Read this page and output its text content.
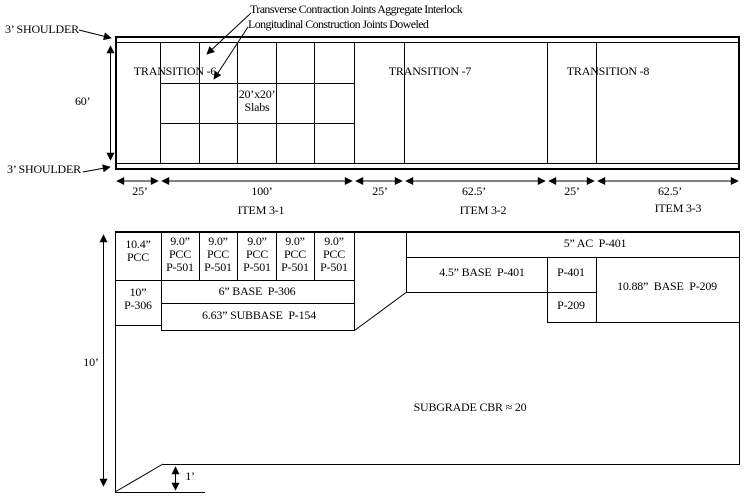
Transverse Contraction Joints Aggregate Interlock
Longitudinal Construction Joints Doweled
3’ SHOULDER
3’ SHOULDER
60’
TRANSITION -6	TRANSITION -7	TRANSITION -8
20’x20’
Slabs
25’	100’	25’	62.5’	25’	62.5’
ITEM 3-1	ITEM 3-2	ITEM 3-3
10.4”
PCC
9.0”
PCC
P-501
9.0”
PCC
P-501
9.0”
PCC
P-501
9.0”
PCC
P-501
9.0”
PCC
P-501
10”
P-306
6” BASE  P-306
6.63” SUBBASE  P-154
5” AC  P-401
4.5” BASE  P-401	P-401
P-209
10.88”  BASE  P-209
SUBGRADE CBR ≈ 20
10’
1’
